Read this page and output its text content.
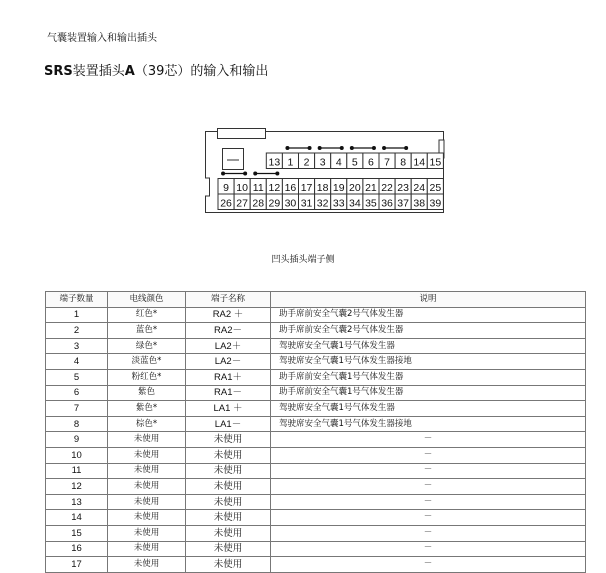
气囊装置输入和输出插头
SRS装置插头A（39芯）的输入和输出
13 1 2 3 4 5 6 7 8 14 15
9 10 11 12 16 17 18 19 20 21 22 23 24 25
26 27 28 29 30 31 32 33 34 35 36 37 38 39
凹头插头端子侧
端子数量	电线颜色	端子名称	说明
1	红色*	RA2 ＋	助手席前安全气囊2号气体发生器
2	蓝色*	RA2－	助手席前安全气囊2号气体发生器
3	绿色*	LA2＋	驾驶席安全气囊1号气体发生器
4	淡蓝色*	LA2－	驾驶席安全气囊1号气体发生器接地
5	粉红色*	RA1＋	助手席前安全气囊1号气体发生器
6	紫色	RA1－	助手席前安全气囊1号气体发生器
7	紫色*	LA1 ＋	驾驶席安全气囊1号气体发生器
8	棕色*	LA1－	驾驶席安全气囊1号气体发生器接地
9	未使用	未使用	－
10	未使用	未使用	－
11	未使用	未使用	－
12	未使用	未使用	－
13	未使用	未使用	－
14	未使用	未使用	－
15	未使用	未使用	－
16	未使用	未使用	－
17	未使用	未使用	－
